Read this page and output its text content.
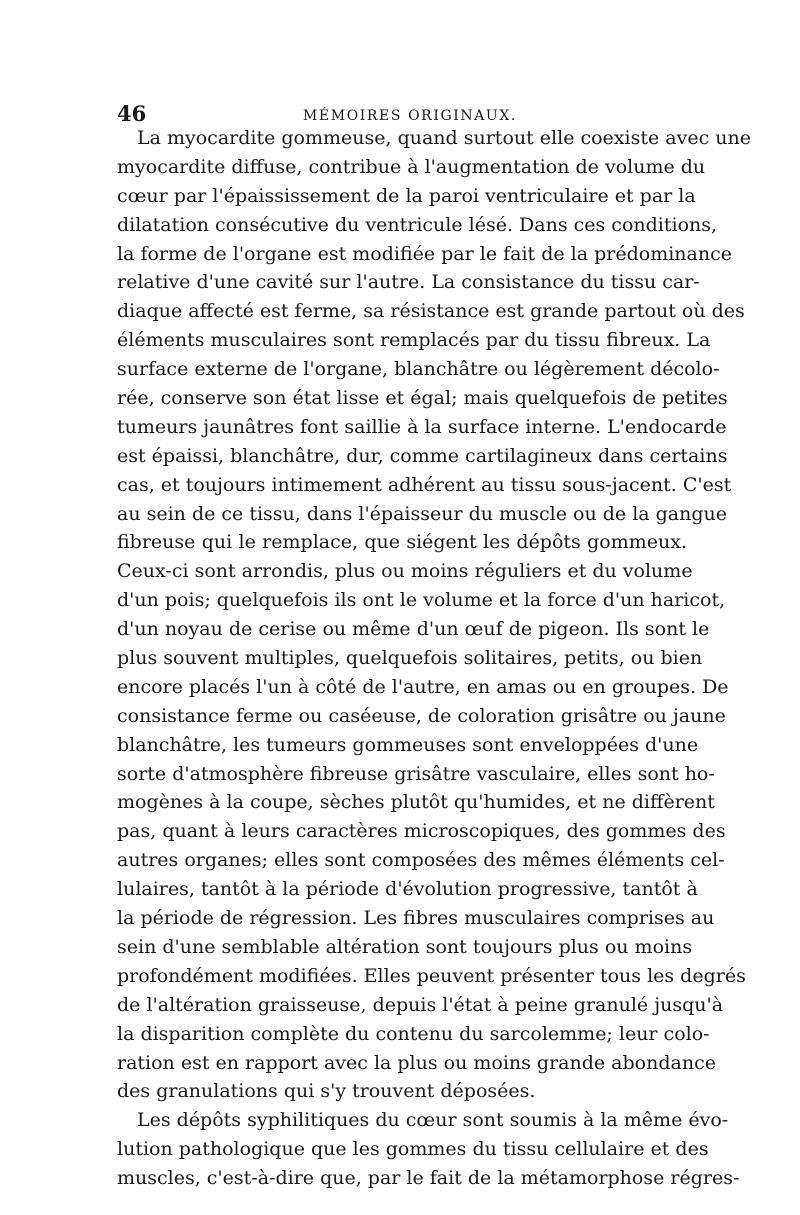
46	MÉMOIRES ORIGINAUX.
La myocardite gommeuse, quand surtout elle coexiste avec une
myocardite diffuse, contribue à l'augmentation de volume du
cœur par l'épaississement de la paroi ventriculaire et par la
dilatation consécutive du ventricule lésé. Dans ces conditions,
la forme de l'organe est modifiée par le fait de la prédominance
relative d'une cavité sur l'autre. La consistance du tissu car-
diaque affecté est ferme, sa résistance est grande partout où des
éléments musculaires sont remplacés par du tissu fibreux. La
surface externe de l'organe, blanchâtre ou légèrement décolo-
rée, conserve son état lisse et égal; mais quelquefois de petites
tumeurs jaunâtres font saillie à la surface interne. L'endocarde
est épaissi, blanchâtre, dur, comme cartilagineux dans certains
cas, et toujours intimement adhérent au tissu sous-jacent. C'est
au sein de ce tissu, dans l'épaisseur du muscle ou de la gangue
fibreuse qui le remplace, que siégent les dépôts gommeux.
Ceux-ci sont arrondis, plus ou moins réguliers et du volume
d'un pois; quelquefois ils ont le volume et la force d'un haricot,
d'un noyau de cerise ou même d'un œuf de pigeon. Ils sont le
plus souvent multiples, quelquefois solitaires, petits, ou bien
encore placés l'un à côté de l'autre, en amas ou en groupes. De
consistance ferme ou caséeuse, de coloration grisâtre ou jaune
blanchâtre, les tumeurs gommeuses sont enveloppées d'une
sorte d'atmosphère fibreuse grisâtre vasculaire, elles sont ho-
mogènes à la coupe, sèches plutôt qu'humides, et ne diffèrent
pas, quant à leurs caractères microscopiques, des gommes des
autres organes; elles sont composées des mêmes éléments cel-
lulaires, tantôt à la période d'évolution progressive, tantôt à
la période de régression. Les fibres musculaires comprises au
sein d'une semblable altération sont toujours plus ou moins
profondément modifiées. Elles peuvent présenter tous les degrés
de l'altération graisseuse, depuis l'état à peine granulé jusqu'à
la disparition complète du contenu du sarcolemme; leur colo-
ration est en rapport avec la plus ou moins grande abondance
des granulations qui s'y trouvent déposées.
Les dépôts syphilitiques du cœur sont soumis à la même évo-
lution pathologique que les gommes du tissu cellulaire et des
muscles, c'est-à-dire que, par le fait de la métamorphose régres-
